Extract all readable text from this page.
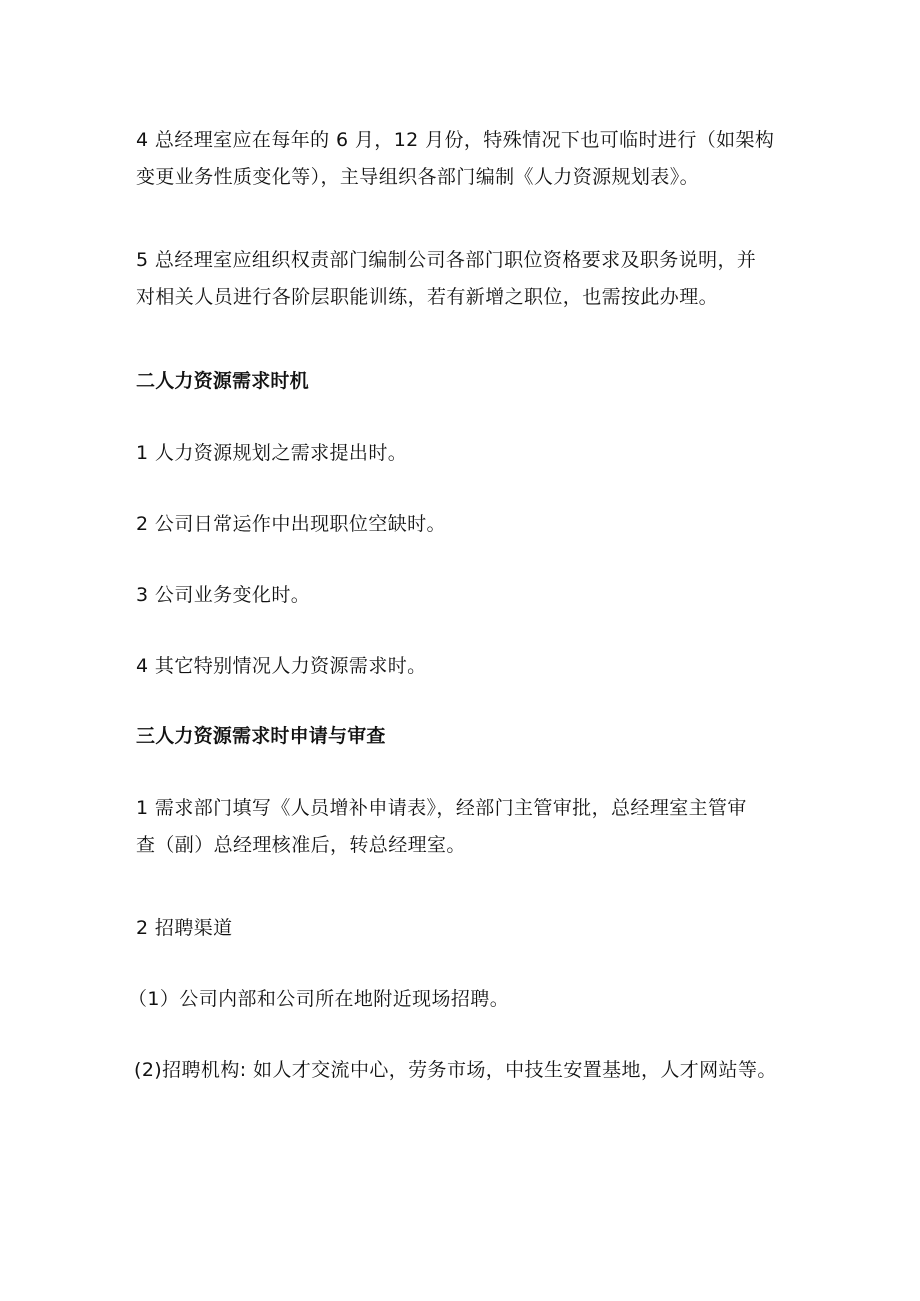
4 总经理室应在每年的 6 月，12 月份，特殊情况下也可临时进行（如架构
变更业务性质变化等），主导组织各部门编制《人力资源规划表》。

5 总经理室应组织权责部门编制公司各部门职位资格要求及职务说明，并
对相关人员进行各阶层职能训练，若有新增之职位，也需按此办理。

二人力资源需求时机

1 人力资源规划之需求提出时。

2 公司日常运作中出现职位空缺时。

3 公司业务变化时。

4 其它特别情况人力资源需求时。

三人力资源需求时申请与审查

1 需求部门填写《人员增补申请表》，经部门主管审批，总经理室主管审
查（副）总经理核准后，转总经理室。

2 招聘渠道

（1）公司内部和公司所在地附近现场招聘。

(2)招聘机构: 如人才交流中心，劳务市场，中技生安置基地，人才网站等。
